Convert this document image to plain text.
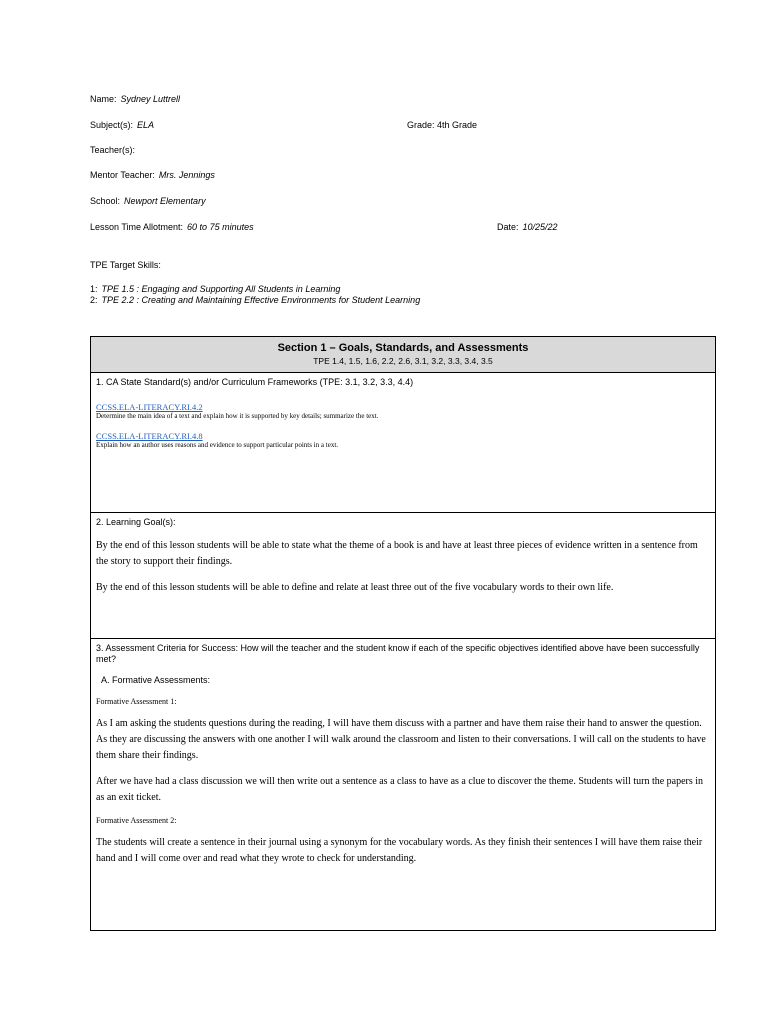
Name: Sydney Luttrell
Subject(s): ELA	Grade: 4th Grade
Teacher(s):
Mentor Teacher: Mrs. Jennings
School: Newport Elementary
Lesson Time Allotment: 60 to 75 minutes	Date: 10/25/22
TPE Target Skills:
1: TPE 1.5 : Engaging and Supporting All Students in Learning
2: TPE 2.2 : Creating and Maintaining Effective Environments for Student Learning
Section 1 – Goals, Standards, and Assessments
TPE 1.4, 1.5, 1.6, 2.2, 2.6, 3.1, 3.2, 3.3, 3.4, 3.5
1. CA State Standard(s) and/or Curriculum Frameworks (TPE: 3.1, 3.2, 3.3, 4.4)
CCSS.ELA-LITERACY.RI.4.2
Determine the main idea of a text and explain how it is supported by key details; summarize the text.
CCSS.ELA-LITERACY.RI.4.8
Explain how an author uses reasons and evidence to support particular points in a text.
2. Learning Goal(s):
By the end of this lesson students will be able to state what the theme of a book is and have at least three pieces of evidence written in a sentence from the story to support their findings.
By the end of this lesson students will be able to define and relate at least three out of the five vocabulary words to their own life.
3. Assessment Criteria for Success: How will the teacher and the student know if each of the specific objectives identified above have been successfully met?
A. Formative Assessments:
Formative Assessment 1:
As I am asking the students questions during the reading, I will have them discuss with a partner and have them raise their hand to answer the question. As they are discussing the answers with one another I will walk around the classroom and listen to their conversations. I will call on the students to have them share their findings.
After we have had a class discussion we will then write out a sentence as a class to have as a clue to discover the theme. Students will turn the papers in as an exit ticket.
Formative Assessment 2:
The students will create a sentence in their journal using a synonym for the vocabulary words. As they finish their sentences I will have them raise their hand and I will come over and read what they wrote to check for understanding.
